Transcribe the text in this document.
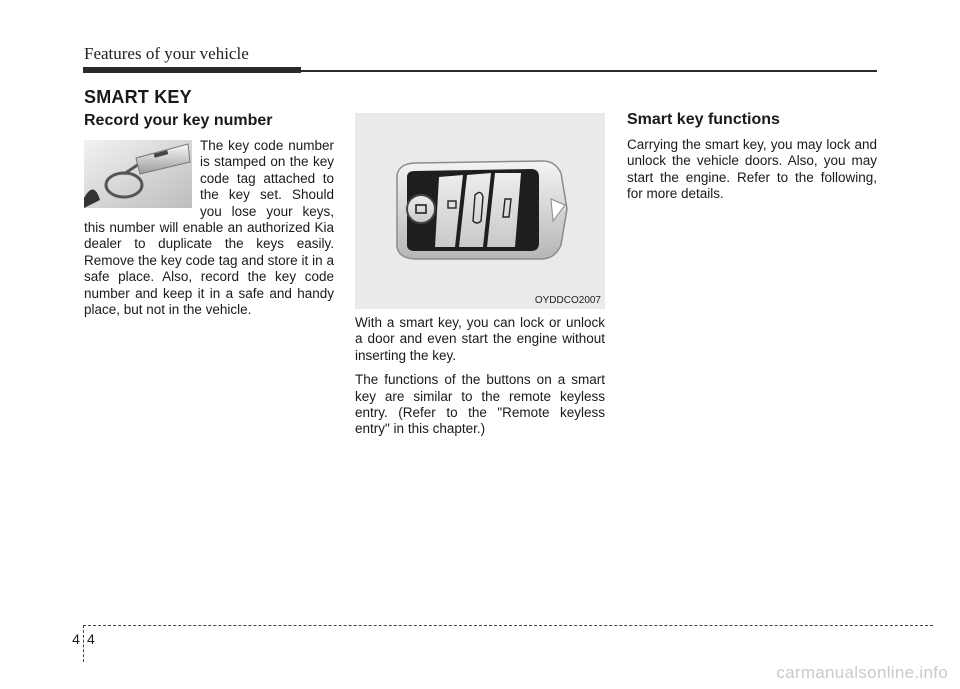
Features of your vehicle
SMART KEY
Record your key number

The key code number is stamped on the key code tag attached to the key set. Should you lose your keys, this number will enable an authorized Kia dealer to duplicate the keys easily. Remove the key code tag and store it in a safe place. Also, record the key code number and keep it in a safe and handy place, but not in the vehicle.

OYDDCO2007

With a smart key, you can lock or unlock a door and even start the engine without inserting the key.

The functions of the buttons on a smart key are similar to the remote keyless entry. (Refer to the "Remote keyless entry" in this chapter.)

Smart key functions

Carrying the smart key, you may lock and unlock the vehicle doors. Also, you may start the engine. Refer to the following, for more details.

4 4
carmanualsonline.info
